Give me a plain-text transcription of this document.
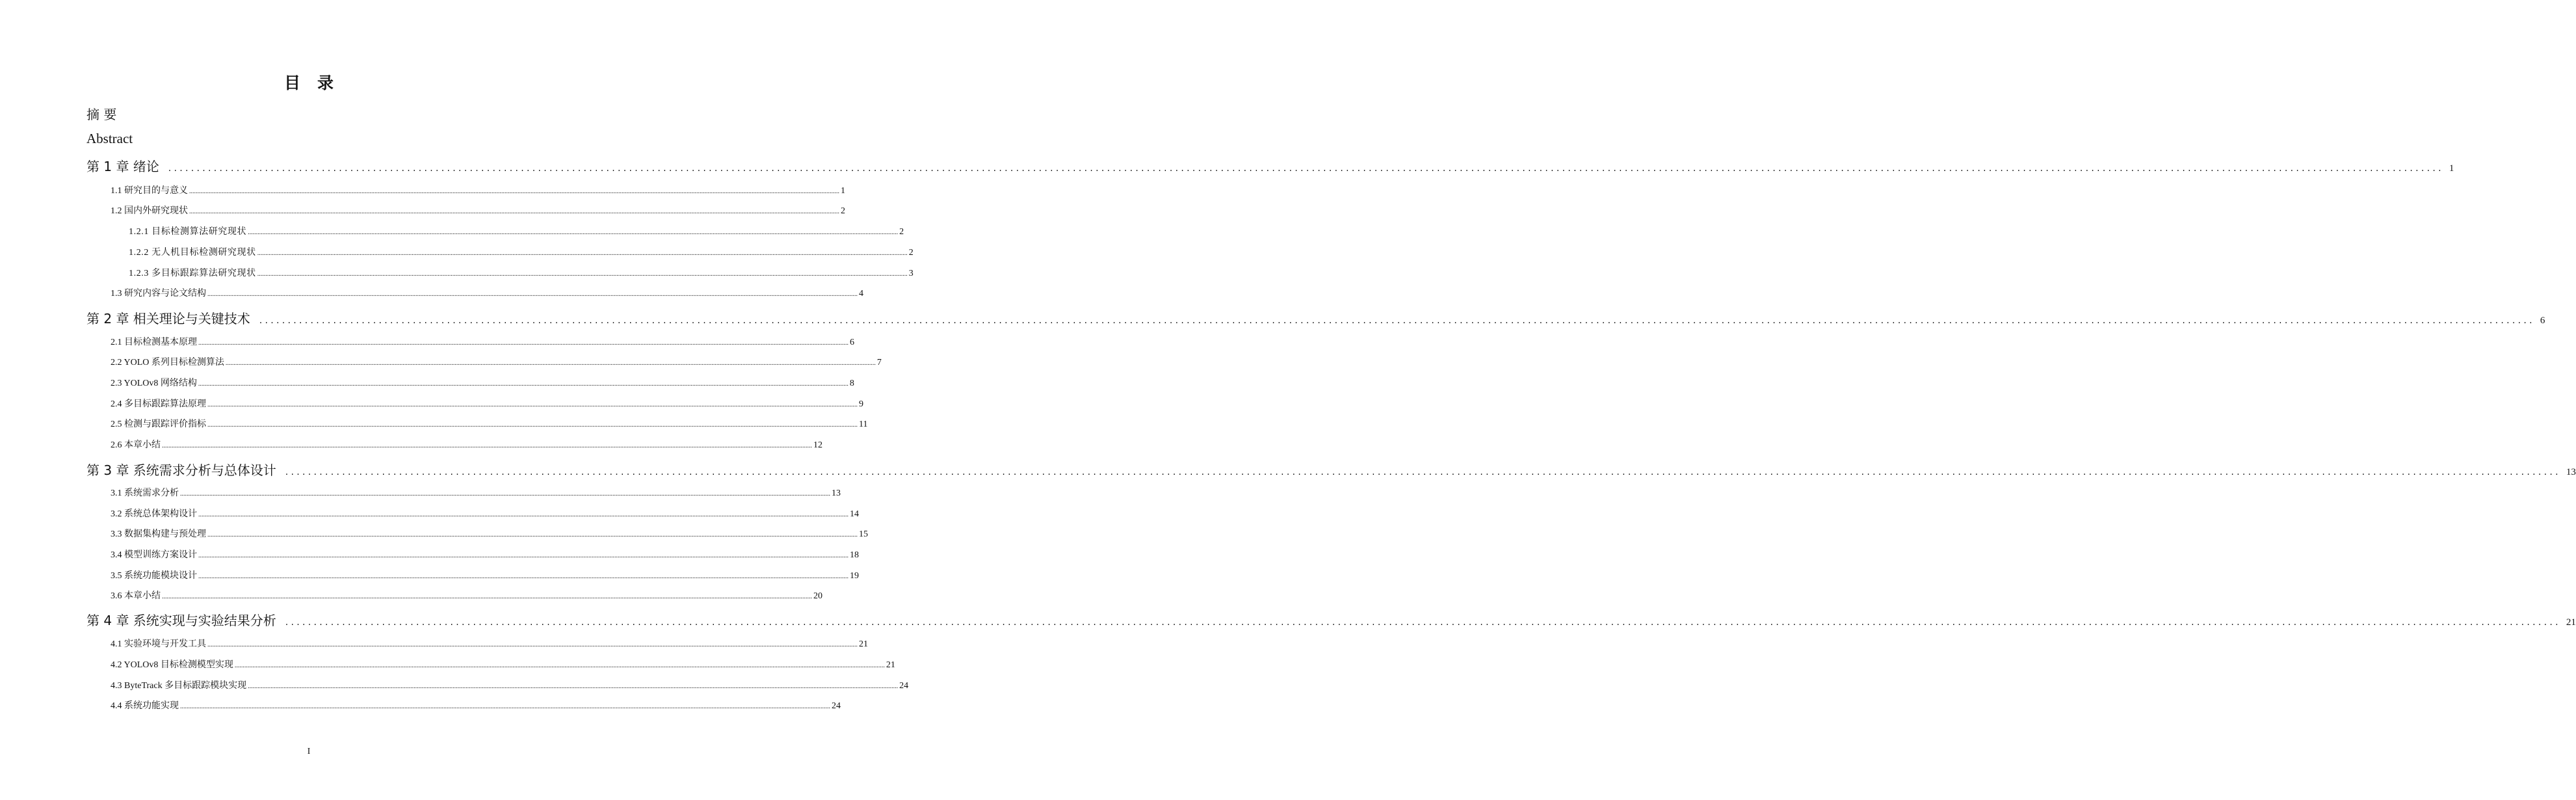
目录
摘 要
Abstract
第 1 章 绪论 ................................................................................................................................................................................................................................................................................................................................................................................................................ 1
1.1 研究目的与意义 ................................................................................................................................................................................................................................................................................................................................................................................................................ 1
1.2 国内外研究现状 ................................................................................................................................................................................................................................................................................................................................................................................................................ 2
1.2.1 目标检测算法研究现状 ................................................................................................................................................................................................................................................................................................................................................................................................................ 2
1.2.2 无人机目标检测研究现状 ................................................................................................................................................................................................................................................................................................................................................................................................................ 2
1.2.3 多目标跟踪算法研究现状 ................................................................................................................................................................................................................................................................................................................................................................................................................ 3
1.3 研究内容与论文结构 ................................................................................................................................................................................................................................................................................................................................................................................................................ 4
第 2 章 相关理论与关键技术 ................................................................................................................................................................................................................................................................................................................................................................................................................ 6
2.1 目标检测基本原理 ................................................................................................................................................................................................................................................................................................................................................................................................................ 6
2.2 YOLO 系列目标检测算法 ................................................................................................................................................................................................................................................................................................................................................................................................................ 7
2.3 YOLOv8 网络结构 ................................................................................................................................................................................................................................................................................................................................................................................................................ 8
2.4 多目标跟踪算法原理 ................................................................................................................................................................................................................................................................................................................................................................................................................ 9
2.5 检测与跟踪评价指标 ................................................................................................................................................................................................................................................................................................................................................................................................................ 11
2.6 本章小结 ................................................................................................................................................................................................................................................................................................................................................................................................................ 12
第 3 章 系统需求分析与总体设计 ................................................................................................................................................................................................................................................................................................................................................................................................................ 13
3.1 系统需求分析 ................................................................................................................................................................................................................................................................................................................................................................................................................ 13
3.2 系统总体架构设计 ................................................................................................................................................................................................................................................................................................................................................................................................................ 14
3.3 数据集构建与预处理 ................................................................................................................................................................................................................................................................................................................................................................................................................ 15
3.4 模型训练方案设计 ................................................................................................................................................................................................................................................................................................................................................................................................................ 18
3.5 系统功能模块设计 ................................................................................................................................................................................................................................................................................................................................................................................................................ 19
3.6 本章小结 ................................................................................................................................................................................................................................................................................................................................................................................................................ 20
第 4 章 系统实现与实验结果分析 ................................................................................................................................................................................................................................................................................................................................................................................................................ 21
4.1 实验环境与开发工具 ................................................................................................................................................................................................................................................................................................................................................................................................................ 21
4.2 YOLOv8 目标检测模型实现 ................................................................................................................................................................................................................................................................................................................................................................................................................ 21
4.3 ByteTrack 多目标跟踪模块实现 ................................................................................................................................................................................................................................................................................................................................................................................................................ 24
4.4 系统功能实现 ................................................................................................................................................................................................................................................................................................................................................................................................................ 24
I
